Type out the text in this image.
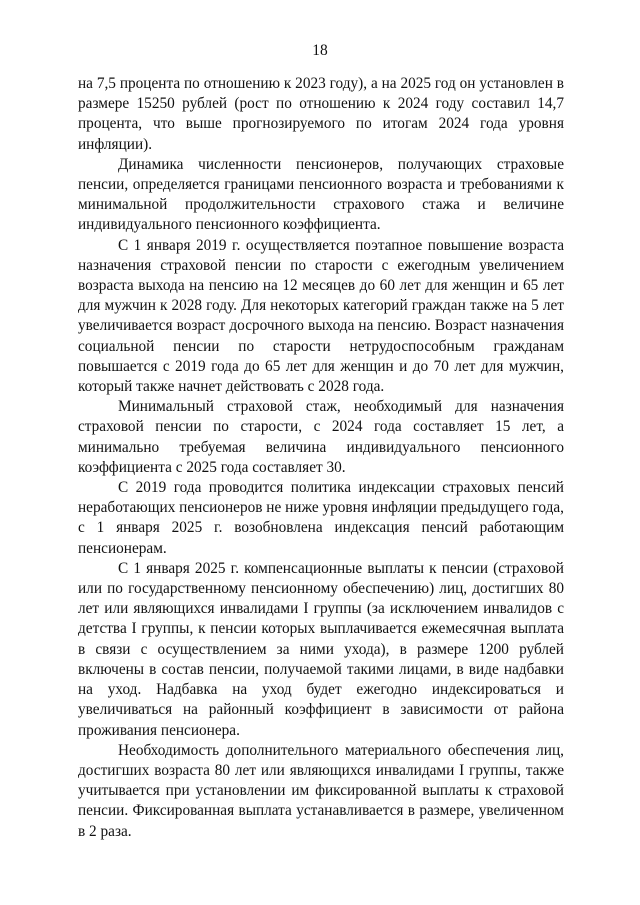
18

на 7,5 процента по отношению к 2023 году), а на 2025 год он установлен в размере 15250 рублей (рост по отношению к 2024 году составил 14,7 процента, что выше прогнозируемого по итогам 2024 года уровня инфляции).

Динамика численности пенсионеров, получающих страховые пенсии, определяется границами пенсионного возраста и требованиями к минимальной продолжительности страхового стажа и величине индивидуального пенсионного коэффициента.

С 1 января 2019 г. осуществляется поэтапное повышение возраста назначения страховой пенсии по старости с ежегодным увеличением возраста выхода на пенсию на 12 месяцев до 60 лет для женщин и 65 лет для мужчин к 2028 году. Для некоторых категорий граждан также на 5 лет увеличивается возраст досрочного выхода на пенсию. Возраст назначения социальной пенсии по старости нетрудоспособным гражданам повышается с 2019 года до 65 лет для женщин и до 70 лет для мужчин, который также начнет действовать с 2028 года.

Минимальный страховой стаж, необходимый для назначения страховой пенсии по старости, с 2024 года составляет 15 лет, а минимально требуемая величина индивидуального пенсионного коэффициента с 2025 года составляет 30.

С 2019 года проводится политика индексации страховых пенсий неработающих пенсионеров не ниже уровня инфляции предыдущего года, с 1 января 2025 г. возобновлена индексация пенсий работающим пенсионерам.

С 1 января 2025 г. компенсационные выплаты к пенсии (страховой или по государственному пенсионному обеспечению) лиц, достигших 80 лет или являющихся инвалидами I группы (за исключением инвалидов с детства I группы, к пенсии которых выплачивается ежемесячная выплата в связи с осуществлением за ними ухода), в размере 1200 рублей включены в состав пенсии, получаемой такими лицами, в виде надбавки на уход. Надбавка на уход будет ежегодно индексироваться и увеличиваться на районный коэффициент в зависимости от района проживания пенсионера.

Необходимость дополнительного материального обеспечения лиц, достигших возраста 80 лет или являющихся инвалидами I группы, также учитывается при установлении им фиксированной выплаты к страховой пенсии. Фиксированная выплата устанавливается в размере, увеличенном в 2 раза.
